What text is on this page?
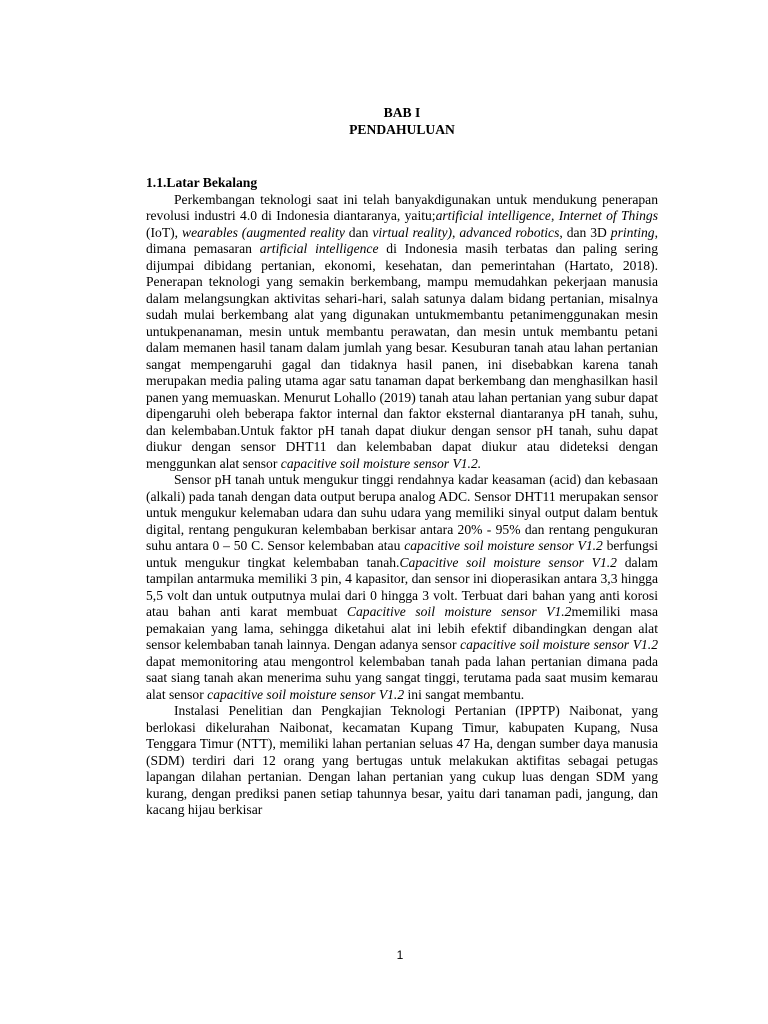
BAB I
PENDAHULUAN
1.1.Latar Bekalang

Perkembangan teknologi saat ini telah banyakdigunakan untuk mendukung penerapan revolusi industri 4.0 di Indonesia diantaranya, yaitu;artificial intelligence, Internet of Things (IoT), wearables (augmented reality dan virtual reality), advanced robotics, dan 3D printing, dimana pemasaran artificial intelligence di Indonesia masih terbatas dan paling sering dijumpai dibidang pertanian, ekonomi, kesehatan, dan pemerintahan (Hartato, 2018). Penerapan teknologi yang semakin berkembang, mampu memudahkan pekerjaan manusia dalam melangsungkan aktivitas sehari-hari, salah satunya dalam bidang pertanian, misalnya sudah mulai berkembang alat yang digunakan untukmembantu petanimenggunakan mesin untukpenanaman, mesin untuk membantu perawatan, dan mesin untuk membantu petani dalam memanen hasil tanam dalam jumlah yang besar. Kesuburan tanah atau lahan pertanian sangat mempengaruhi gagal dan tidaknya hasil panen, ini disebabkan karena tanah merupakan media paling utama agar satu tanaman dapat berkembang dan menghasilkan hasil panen yang memuaskan. Menurut Lohallo (2019) tanah atau lahan pertanian yang subur dapat dipengaruhi oleh beberapa faktor internal dan faktor eksternal diantaranya pH tanah, suhu, dan kelembaban.Untuk faktor pH tanah dapat diukur dengan sensor pH tanah, suhu dapat diukur dengan sensor DHT11 dan kelembaban dapat diukur atau dideteksi dengan menggunkan alat sensor capacitive soil moisture sensor V1.2.

Sensor pH tanah untuk mengukur tinggi rendahnya kadar keasaman (acid) dan kebasaan (alkali) pada tanah dengan data output berupa analog ADC. Sensor DHT11 merupakan sensor untuk mengukur kelemaban udara dan suhu udara yang memiliki sinyal output dalam bentuk digital, rentang pengukuran kelembaban berkisar antara 20% - 95% dan rentang pengukuran suhu antara 0 – 50 C. Sensor kelembaban atau capacitive soil moisture sensor V1.2 berfungsi untuk mengukur tingkat kelembaban tanah.Capacitive soil moisture sensor V1.2 dalam tampilan antarmuka memiliki 3 pin, 4 kapasitor, dan sensor ini dioperasikan antara 3,3 hingga 5,5 volt dan untuk outputnya mulai dari 0 hingga 3 volt. Terbuat dari bahan yang anti korosi atau bahan anti karat membuat Capacitive soil moisture sensor V1.2memiliki masa pemakaian yang lama, sehingga diketahui alat ini lebih efektif dibandingkan dengan alat sensor kelembaban tanah lainnya. Dengan adanya sensor capacitive soil moisture sensor V1.2 dapat memonitoring atau mengontrol kelembaban tanah pada lahan pertanian dimana pada saat siang tanah akan menerima suhu yang sangat tinggi, terutama pada saat musim kemarau alat sensor capacitive soil moisture sensor V1.2 ini sangat membantu.

Instalasi Penelitian dan Pengkajian Teknologi Pertanian (IPPTP) Naibonat, yang berlokasi dikelurahan Naibonat, kecamatan Kupang Timur, kabupaten Kupang, Nusa Tenggara Timur (NTT), memiliki lahan pertanian seluas 47 Ha, dengan sumber daya manusia (SDM) terdiri dari 12 orang yang bertugas untuk melakukan aktifitas sebagai petugas lapangan dilahan pertanian. Dengan lahan pertanian yang cukup luas dengan SDM yang kurang, dengan prediksi panen setiap tahunnya besar, yaitu dari tanaman padi, jangung, dan kacang hijau berkisar

1
